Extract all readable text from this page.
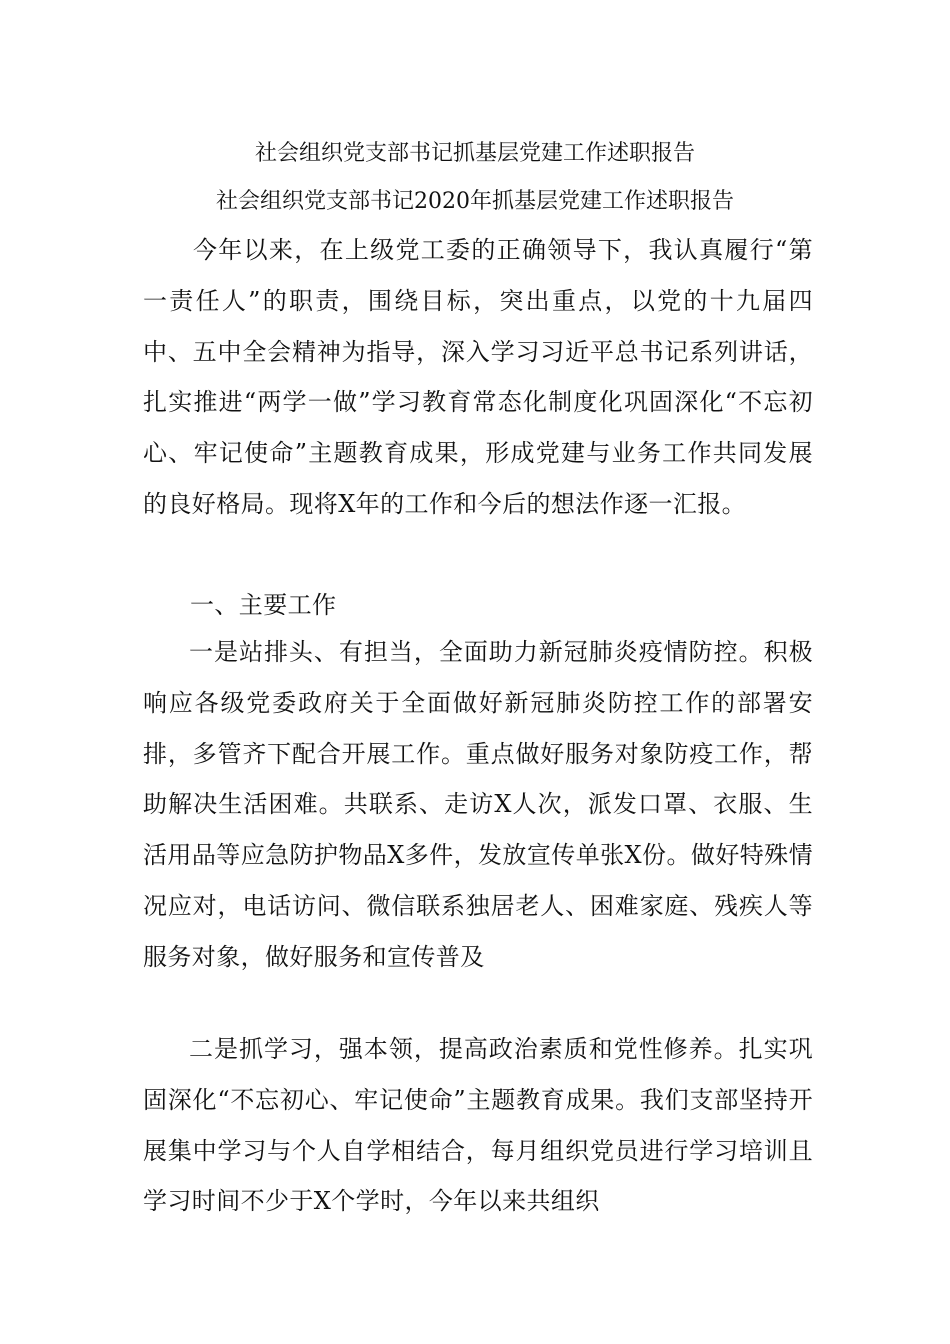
社会组织党支部书记抓基层党建工作述职报告
社会组织党支部书记2020年抓基层党建工作述职报告
今年以来，在上级党工委的正确领导下，我认真履行“第一责任人”的职责，围绕目标，突出重点，以党的十九届四中、五中全会精神为指导，深入学习习近平总书记系列讲话，扎实推进“两学一做”学习教育常态化制度化巩固深化“不忘初心、牢记使命”主题教育成果，形成党建与业务工作共同发展的良好格局。现将X年的工作和今后的想法作逐一汇报。
一、主要工作
一是站排头、有担当，全面助力新冠肺炎疫情防控。积极响应各级党委政府关于全面做好新冠肺炎防控工作的部署安排，多管齐下配合开展工作。重点做好服务对象防疫工作，帮助解决生活困难。共联系、走访X人次，派发口罩、衣服、生活用品等应急防护物品X多件，发放宣传单张X份。做好特殊情况应对，电话访问、微信联系独居老人、困难家庭、残疾人等服务对象，做好服务和宣传普及
二是抓学习，强本领，提高政治素质和党性修养。扎实巩固深化“不忘初心、牢记使命”主题教育成果。我们支部坚持开展集中学习与个人自学相结合，每月组织党员进行学习培训且学习时间不少于X个学时，今年以来共组织
